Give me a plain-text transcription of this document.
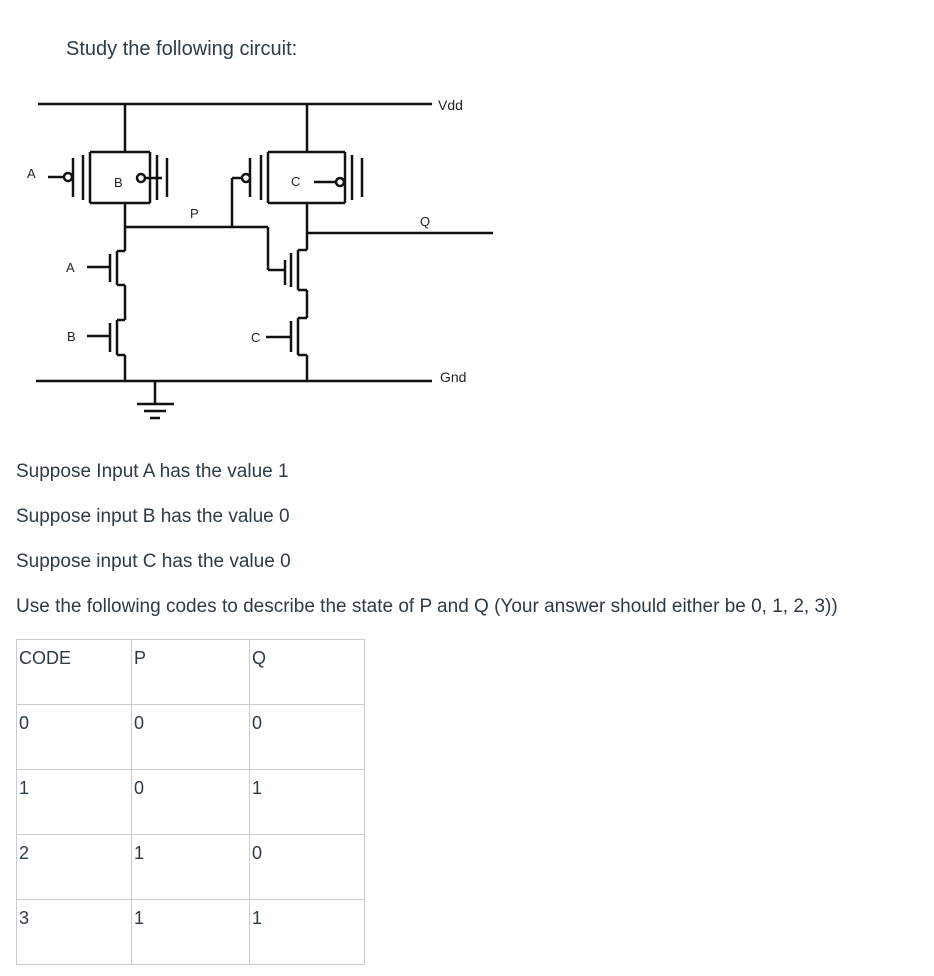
Study the following circuit:
Vdd
Gnd
A
B
P
A
B
C
Q
C

Suppose Input A has the value 1

Suppose input B has the value 0

Suppose input C has the value 0

Use the following codes to describe the state of P and Q (Your answer should either be 0, 1, 2, 3))

CODE	P	Q
0	0	0
1	0	1
2	1	0
3	1	1
